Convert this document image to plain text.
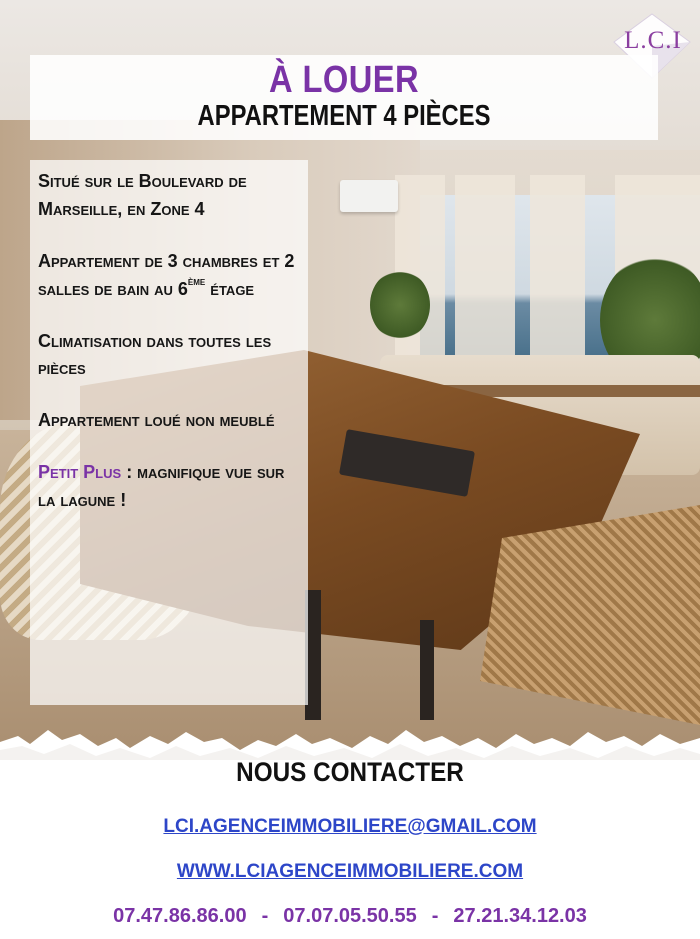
L.C.I
À LOUER
APPARTEMENT 4 PIÈCES
Situé sur le Boulevard de Marseille, en Zone 4
Appartement de 3 chambres et 2 salles de bain au 6ème étage
Climatisation dans toutes les pièces
Appartement loué non meublé
Petit Plus : magnifique vue sur la lagune !
NOUS CONTACTER
LCI.AGENCEIMMOBILIERE@GMAIL.COM
WWW.LCIAGENCEIMMOBILIERE.COM
07.47.86.86.00 - 07.07.05.50.55 - 27.21.34.12.03
